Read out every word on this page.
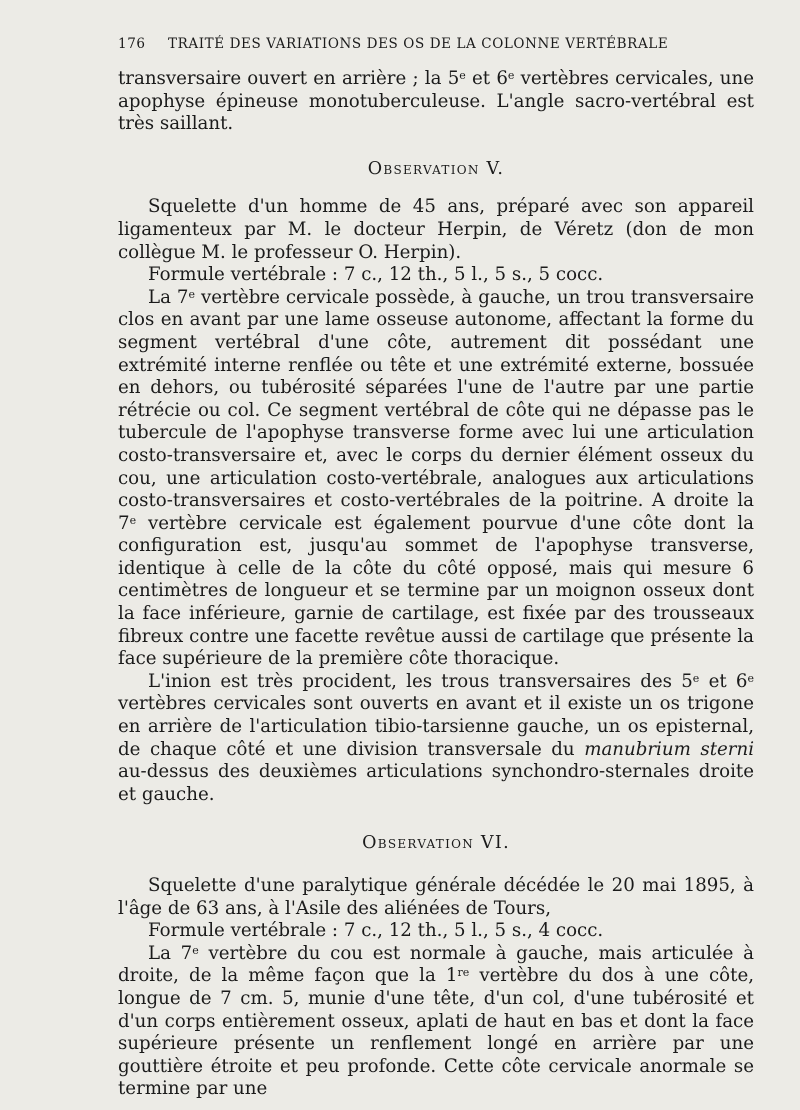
176 TRAITÉ DES VARIATIONS DES OS DE LA COLONNE VERTÉBRALE

transversaire ouvert en arrière ; la 5e et 6e vertèbres cervicales, une apophyse épineuse monotuberculeuse. L'angle sacro-vertébral est très saillant.

Observation V.

Squelette d'un homme de 45 ans, préparé avec son appareil ligamenteux par M. le docteur Herpin, de Véretz (don de mon collègue M. le professeur O. Herpin).

Formule vertébrale : 7 c., 12 th., 5 l., 5 s., 5 cocc.

La 7e vertèbre cervicale possède, à gauche, un trou transversaire clos en avant par une lame osseuse autonome, affectant la forme du segment vertébral d'une côte, autrement dit possédant une extrémité interne renflée ou tête et une extrémité externe, bossuée en dehors, ou tubérosité séparées l'une de l'autre par une partie rétrécie ou col. Ce segment vertébral de côte qui ne dépasse pas le tubercule de l'apophyse transverse forme avec lui une articulation costo-transversaire et, avec le corps du dernier élément osseux du cou, une articulation costo-vertébrale, analogues aux articulations costo-transversaires et costo-vertébrales de la poitrine. A droite la 7e vertèbre cervicale est également pourvue d'une côte dont la configuration est, jusqu'au sommet de l'apophyse transverse, identique à celle de la côte du côté opposé, mais qui mesure 6 centimètres de longueur et se termine par un moignon osseux dont la face inférieure, garnie de cartilage, est fixée par des trousseaux fibreux contre une facette revêtue aussi de cartilage que présente la face supérieure de la première côte thoracique.

L'inion est très procident, les trous transversaires des 5e et 6e vertèbres cervicales sont ouverts en avant et il existe un os trigone en arrière de l'articulation tibio-tarsienne gauche, un os episternal, de chaque côté et une division transversale du manubrium sterni au-dessus des deuxièmes articulations synchondro-sternales droite et gauche.

Observation VI.

Squelette d'une paralytique générale décédée le 20 mai 1895, à l'âge de 63 ans, à l'Asile des aliénées de Tours,

Formule vertébrale : 7 c., 12 th., 5 l., 5 s., 4 cocc.

La 7e vertèbre du cou est normale à gauche, mais articulée à droite, de la même façon que la 1re vertèbre du dos à une côte, longue de 7 cm. 5, munie d'une tête, d'un col, d'une tubérosité et d'un corps entièrement osseux, aplati de haut en bas et dont la face supérieure présente un renflement longé en arrière par une gouttière étroite et peu profonde. Cette côte cervicale anormale se termine par une
